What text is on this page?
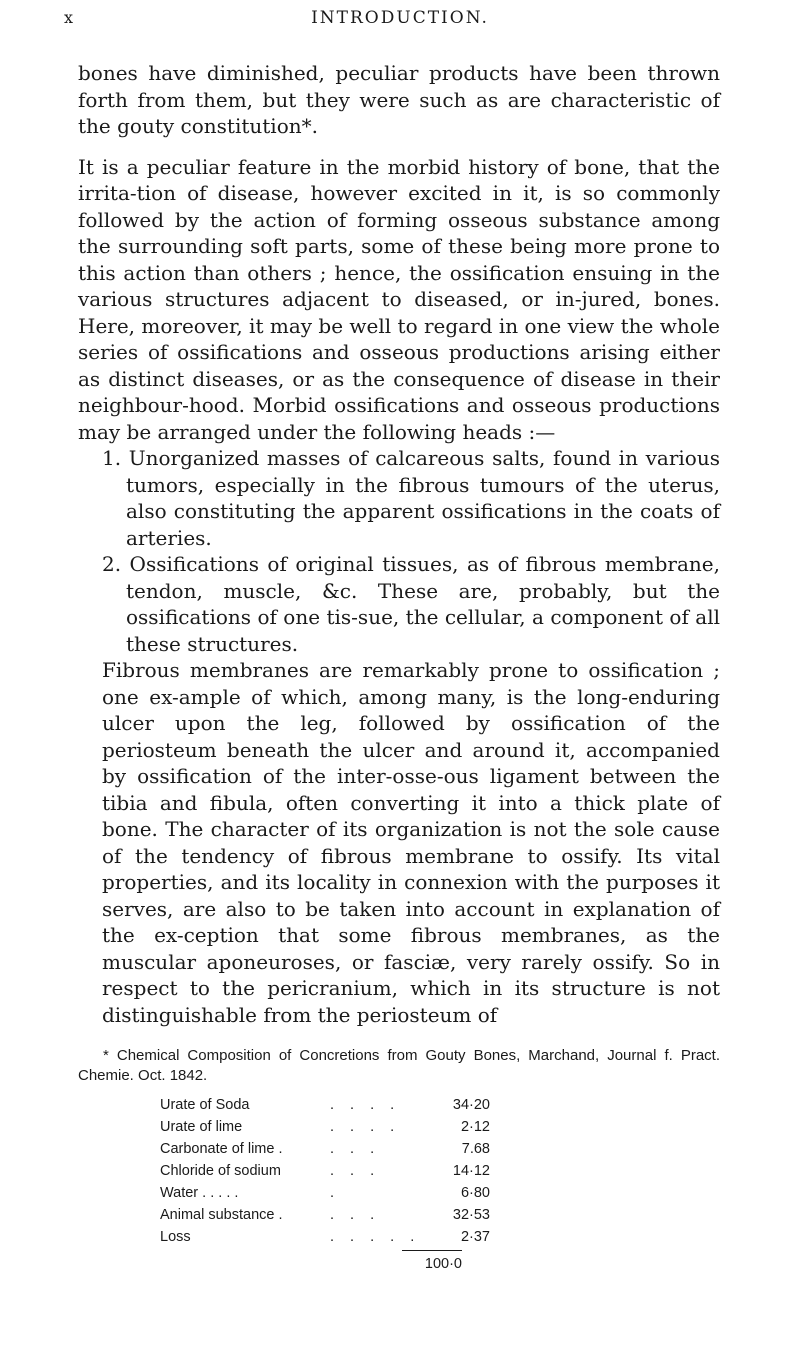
x	INTRODUCTION.

bones have diminished, peculiar products have been thrown forth from them, but they were such as are characteristic of the gouty constitution*.

It is a peculiar feature in the morbid history of bone, that the irrita-tion of disease, however excited in it, is so commonly followed by the action of forming osseous substance among the surrounding soft parts, some of these being more prone to this action than others ; hence, the ossification ensuing in the various structures adjacent to diseased, or in-jured, bones. Here, moreover, it may be well to regard in one view the whole series of ossifications and osseous productions arising either as distinct diseases, or as the consequence of disease in their neighbour-hood. Morbid ossifications and osseous productions may be arranged under the following heads :—

1. Unorganized masses of calcareous salts, found in various tumors, especially in the fibrous tumours of the uterus, also constituting the apparent ossifications in the coats of arteries.

2. Ossifications of original tissues, as of fibrous membrane, tendon, muscle, &c. These are, probably, but the ossifications of one tis-sue, the cellular, a component of all these structures.

Fibrous membranes are remarkably prone to ossification ; one ex-ample of which, among many, is the long-enduring ulcer upon the leg, followed by ossification of the periosteum beneath the ulcer and around it, accompanied by ossification of the inter-osse-ous ligament between the tibia and fibula, often converting it into a thick plate of bone. The character of its organization is not the sole cause of the tendency of fibrous membrane to ossify. Its vital properties, and its locality in connexion with the purposes it serves, are also to be taken into account in explanation of the ex-ception that some fibrous membranes, as the muscular aponeuroses, or fasciæ, very rarely ossify. So in respect to the pericranium, which in its structure is not distinguishable from the periosteum of

* Chemical Composition of Concretions from Gouty Bones, Marchand, Journal f. Pract. Chemie. Oct. 1842.

Urate of Soda	. . . .	34·20
Urate of lime	. . . .	2·12
Carbonate of lime .	. . .	7.68
Chloride of sodium	. . .	14·12
Water . . . . .	.	6·80
Animal substance .	. . .	32·53
Loss	. . . . .	2·37
100·0
